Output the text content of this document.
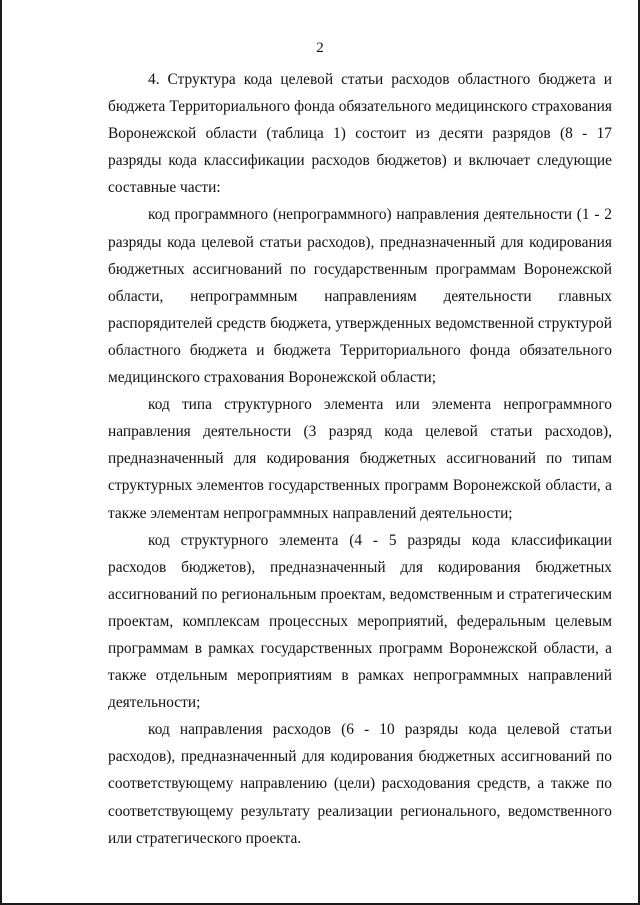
2

4. Структура кода целевой статьи расходов областного бюджета и бюджета Территориального фонда обязательного медицинского страхования Воронежской области (таблица 1) состоит из десяти разрядов (8 - 17 разряды кода классификации расходов бюджетов) и включает следующие составные части:

код программного (непрограммного) направления деятельности (1 - 2 разряды кода целевой статьи расходов), предназначенный для кодирования бюджетных ассигнований по государственным программам Воронежской области, непрограммным направлениям деятельности главных распорядителей средств бюджета, утвержденных ведомственной структурой областного бюджета и бюджета Территориального фонда обязательного медицинского страхования Воронежской области;

код типа структурного элемента или элемента непрограммного направления деятельности (3 разряд кода целевой статьи расходов), предназначенный для кодирования бюджетных ассигнований по типам структурных элементов государственных программ Воронежской области, а также элементам непрограммных направлений деятельности;

код структурного элемента (4 - 5 разряды кода классификации расходов бюджетов), предназначенный для кодирования бюджетных ассигнований по региональным проектам, ведомственным и стратегическим проектам, комплексам процессных мероприятий, федеральным целевым программам в рамках государственных программ Воронежской области, а также отдельным мероприятиям в рамках непрограммных направлений деятельности;

код направления расходов (6 - 10 разряды кода целевой статьи расходов), предназначенный для кодирования бюджетных ассигнований по соответствующему направлению (цели) расходования средств, а также по соответствующему результату реализации регионального, ведомственного или стратегического проекта.
